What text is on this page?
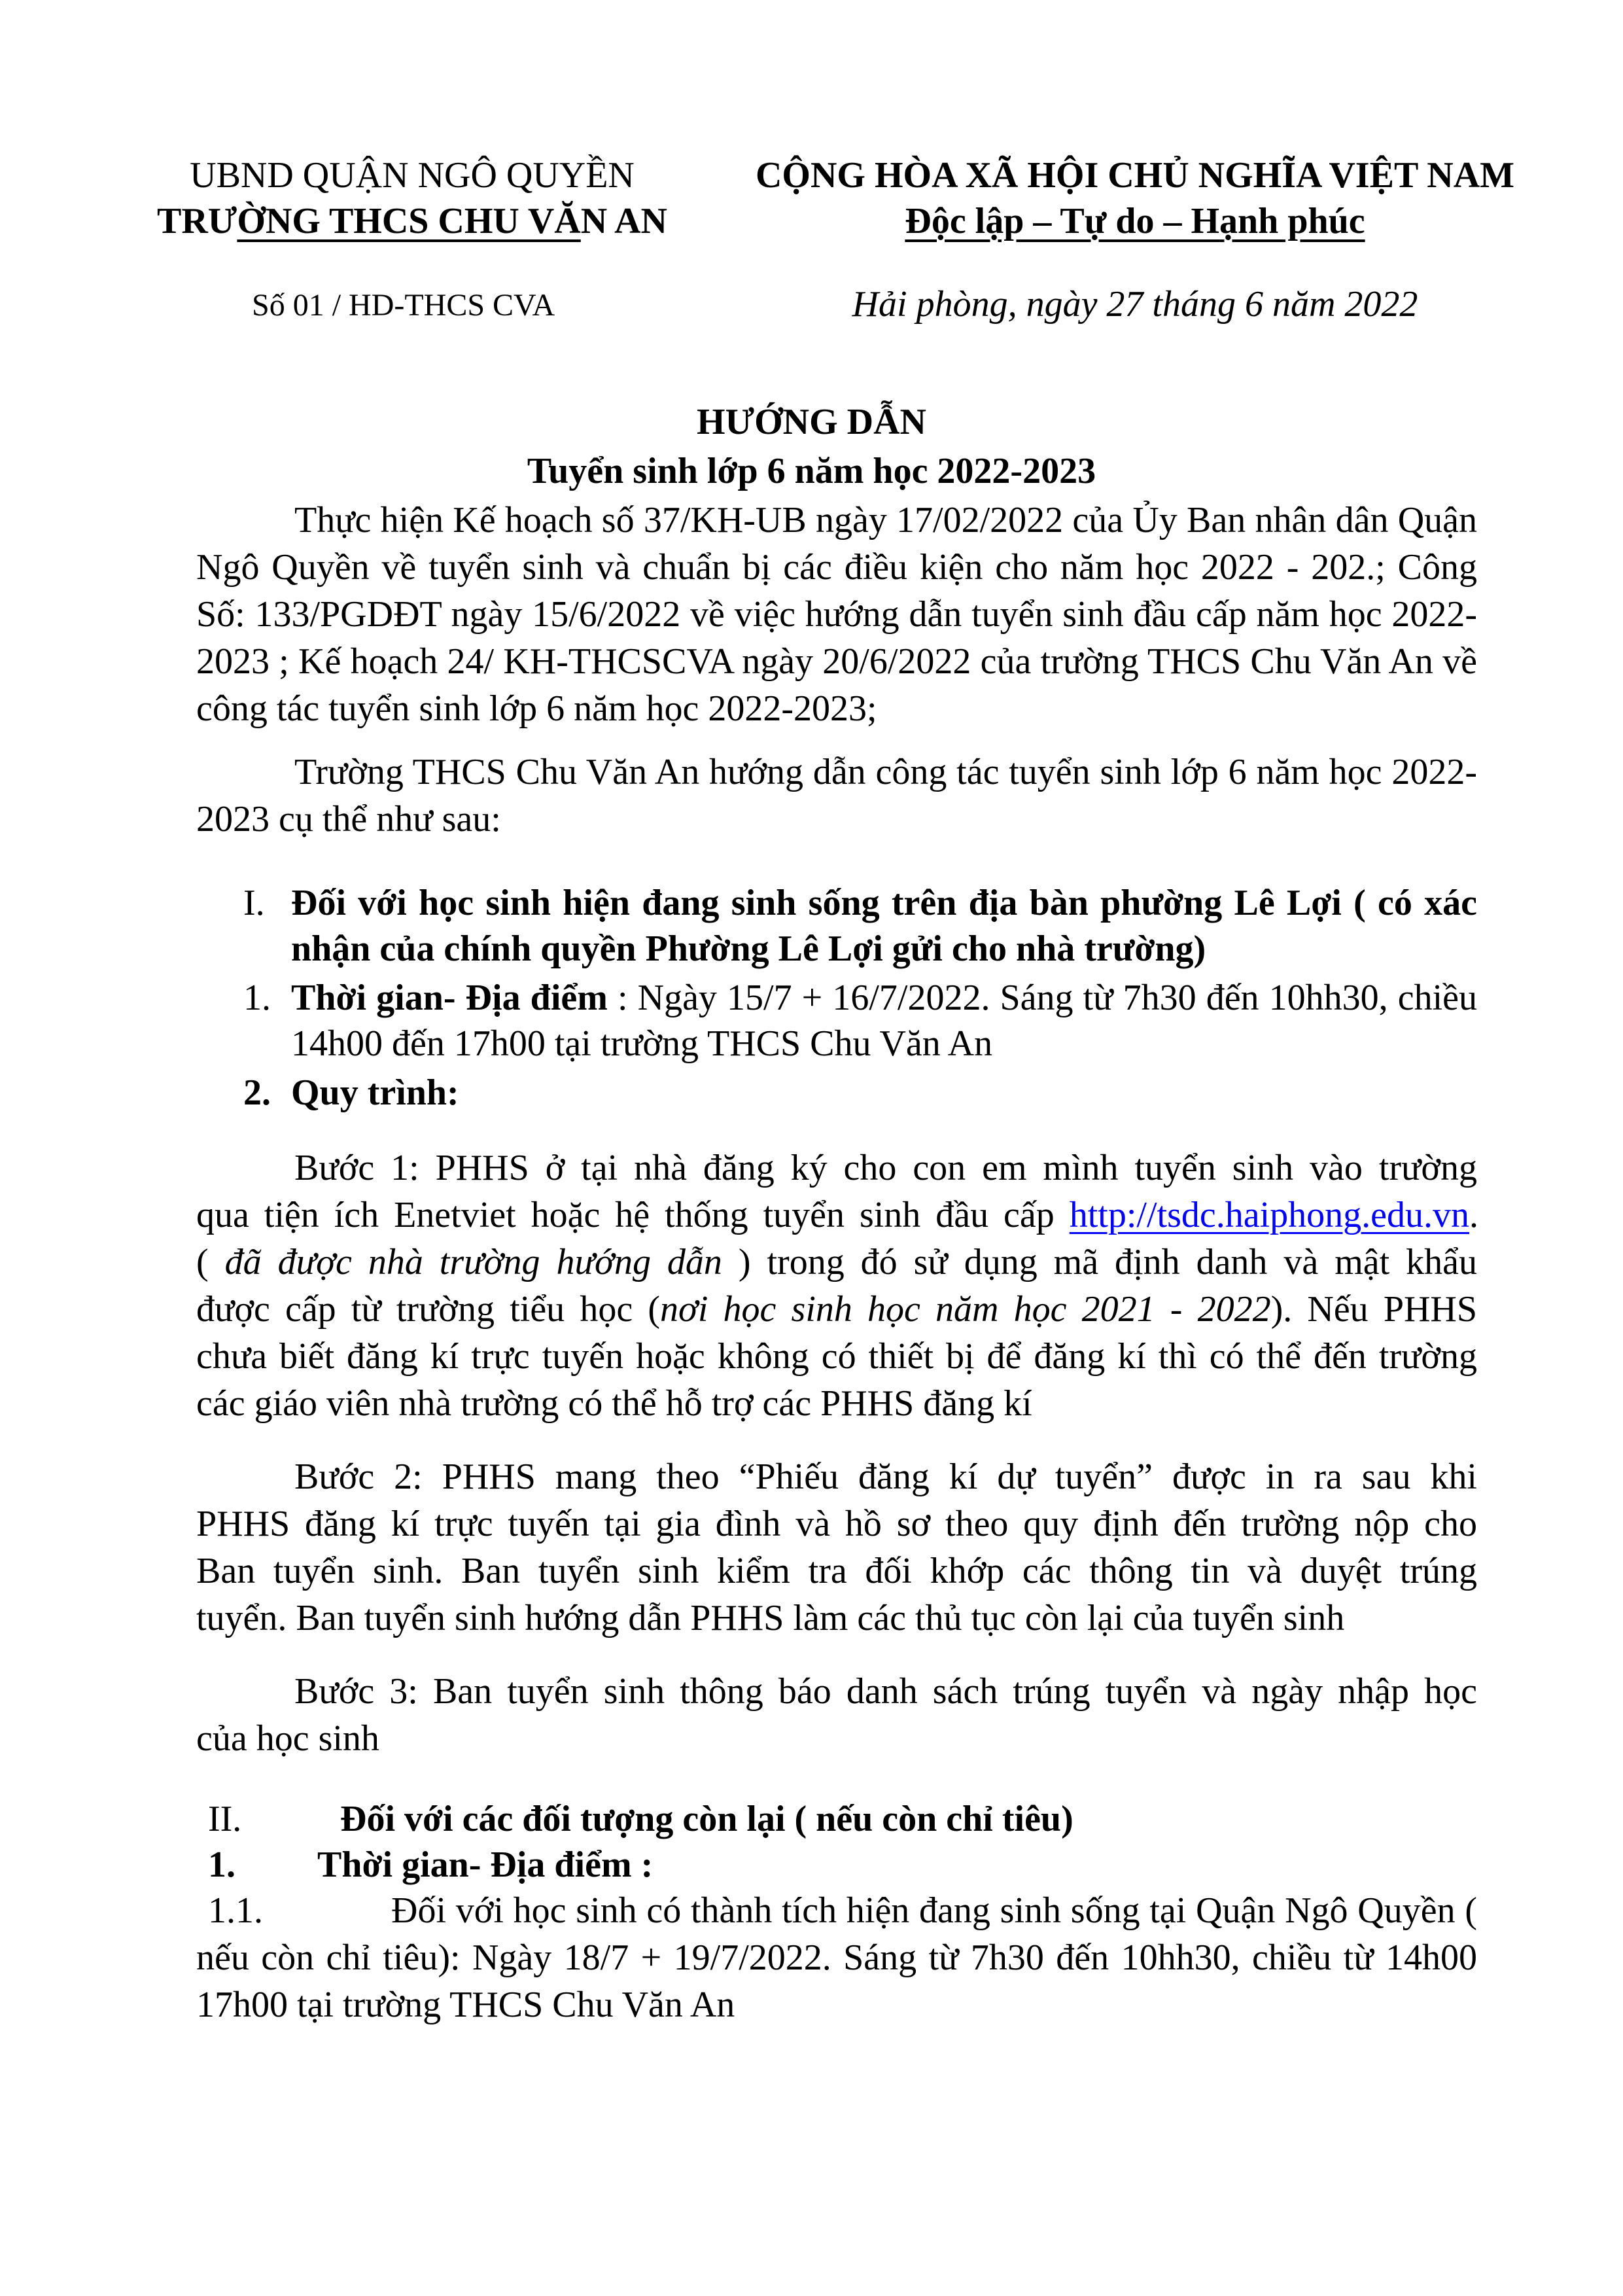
UBND QUẬN NGÔ QUYỀN
TRƯỜNG THCS CHU VĂN AN
CỘNG HÒA XÃ HỘI CHỦ NGHĨA VIỆT NAM
Độc lập – Tự do – Hạnh phúc
Số 01 / HD-THCS CVA	Hải phòng, ngày 27 tháng 6 năm 2022
HƯỚNG DẪN
Tuyển sinh lớp 6 năm học 2022-2023
Thực hiện Kế hoạch số 37/KH-UB ngày 17/02/2022 của Ủy Ban nhân dân Quận
Ngô Quyền về tuyển sinh và chuẩn bị các điều kiện cho năm học 2022 - 202.; Công
Số: 133/PGDĐT ngày 15/6/2022 về việc hướng dẫn tuyển sinh đầu cấp năm học 2022-
2023 ; Kế hoạch 24/ KH-THCSCVA ngày 20/6/2022 của trường THCS Chu Văn An về
công tác tuyển sinh lớp 6 năm học 2022-2023;
Trường THCS Chu Văn An hướng dẫn công tác tuyển sinh lớp 6 năm học 2022-
2023 cụ thể như sau:
I. Đối với học sinh hiện đang sinh sống trên địa bàn phường Lê Lợi ( có xác
nhận của chính quyền Phường Lê Lợi gửi cho nhà trường)
1. Thời gian- Địa điểm : Ngày 15/7 + 16/7/2022. Sáng từ 7h30 đến 10hh30, chiều
14h00 đến 17h00 tại trường THCS Chu Văn An
2. Quy trình:
Bước 1: PHHS ở tại nhà đăng ký cho con em mình tuyển sinh vào trường
qua tiện ích Enetviet hoặc hệ thống tuyển sinh đầu cấp http://tsdc.haiphong.edu.vn.
( đã được nhà trường hướng dẫn ) trong đó sử dụng mã định danh và mật khẩu
được cấp từ trường tiểu học (nơi học sinh học năm học 2021 - 2022). Nếu PHHS
chưa biết đăng kí trực tuyến hoặc không có thiết bị để đăng kí thì có thể đến trường
các giáo viên nhà trường có thể hỗ trợ các PHHS đăng kí
Bước 2: PHHS mang theo “Phiếu đăng kí dự tuyển” được in ra sau khi
PHHS đăng kí trực tuyến tại gia đình và hồ sơ theo quy định đến trường nộp cho
Ban tuyển sinh. Ban tuyển sinh kiểm tra đối khớp các thông tin và duyệt trúng
tuyển. Ban tuyển sinh hướng dẫn PHHS làm các thủ tục còn lại của tuyển sinh
Bước 3: Ban tuyển sinh thông báo danh sách trúng tuyển và ngày nhập học
của học sinh
II.	Đối với các đối tượng còn lại ( nếu còn chỉ tiêu)
1. Thời gian- Địa điểm :
1.1.	Đối với học sinh có thành tích hiện đang sinh sống tại Quận Ngô Quyền (
nếu còn chỉ tiêu): Ngày 18/7 + 19/7/2022. Sáng từ 7h30 đến 10hh30, chiều từ 14h00
17h00 tại trường THCS Chu Văn An
